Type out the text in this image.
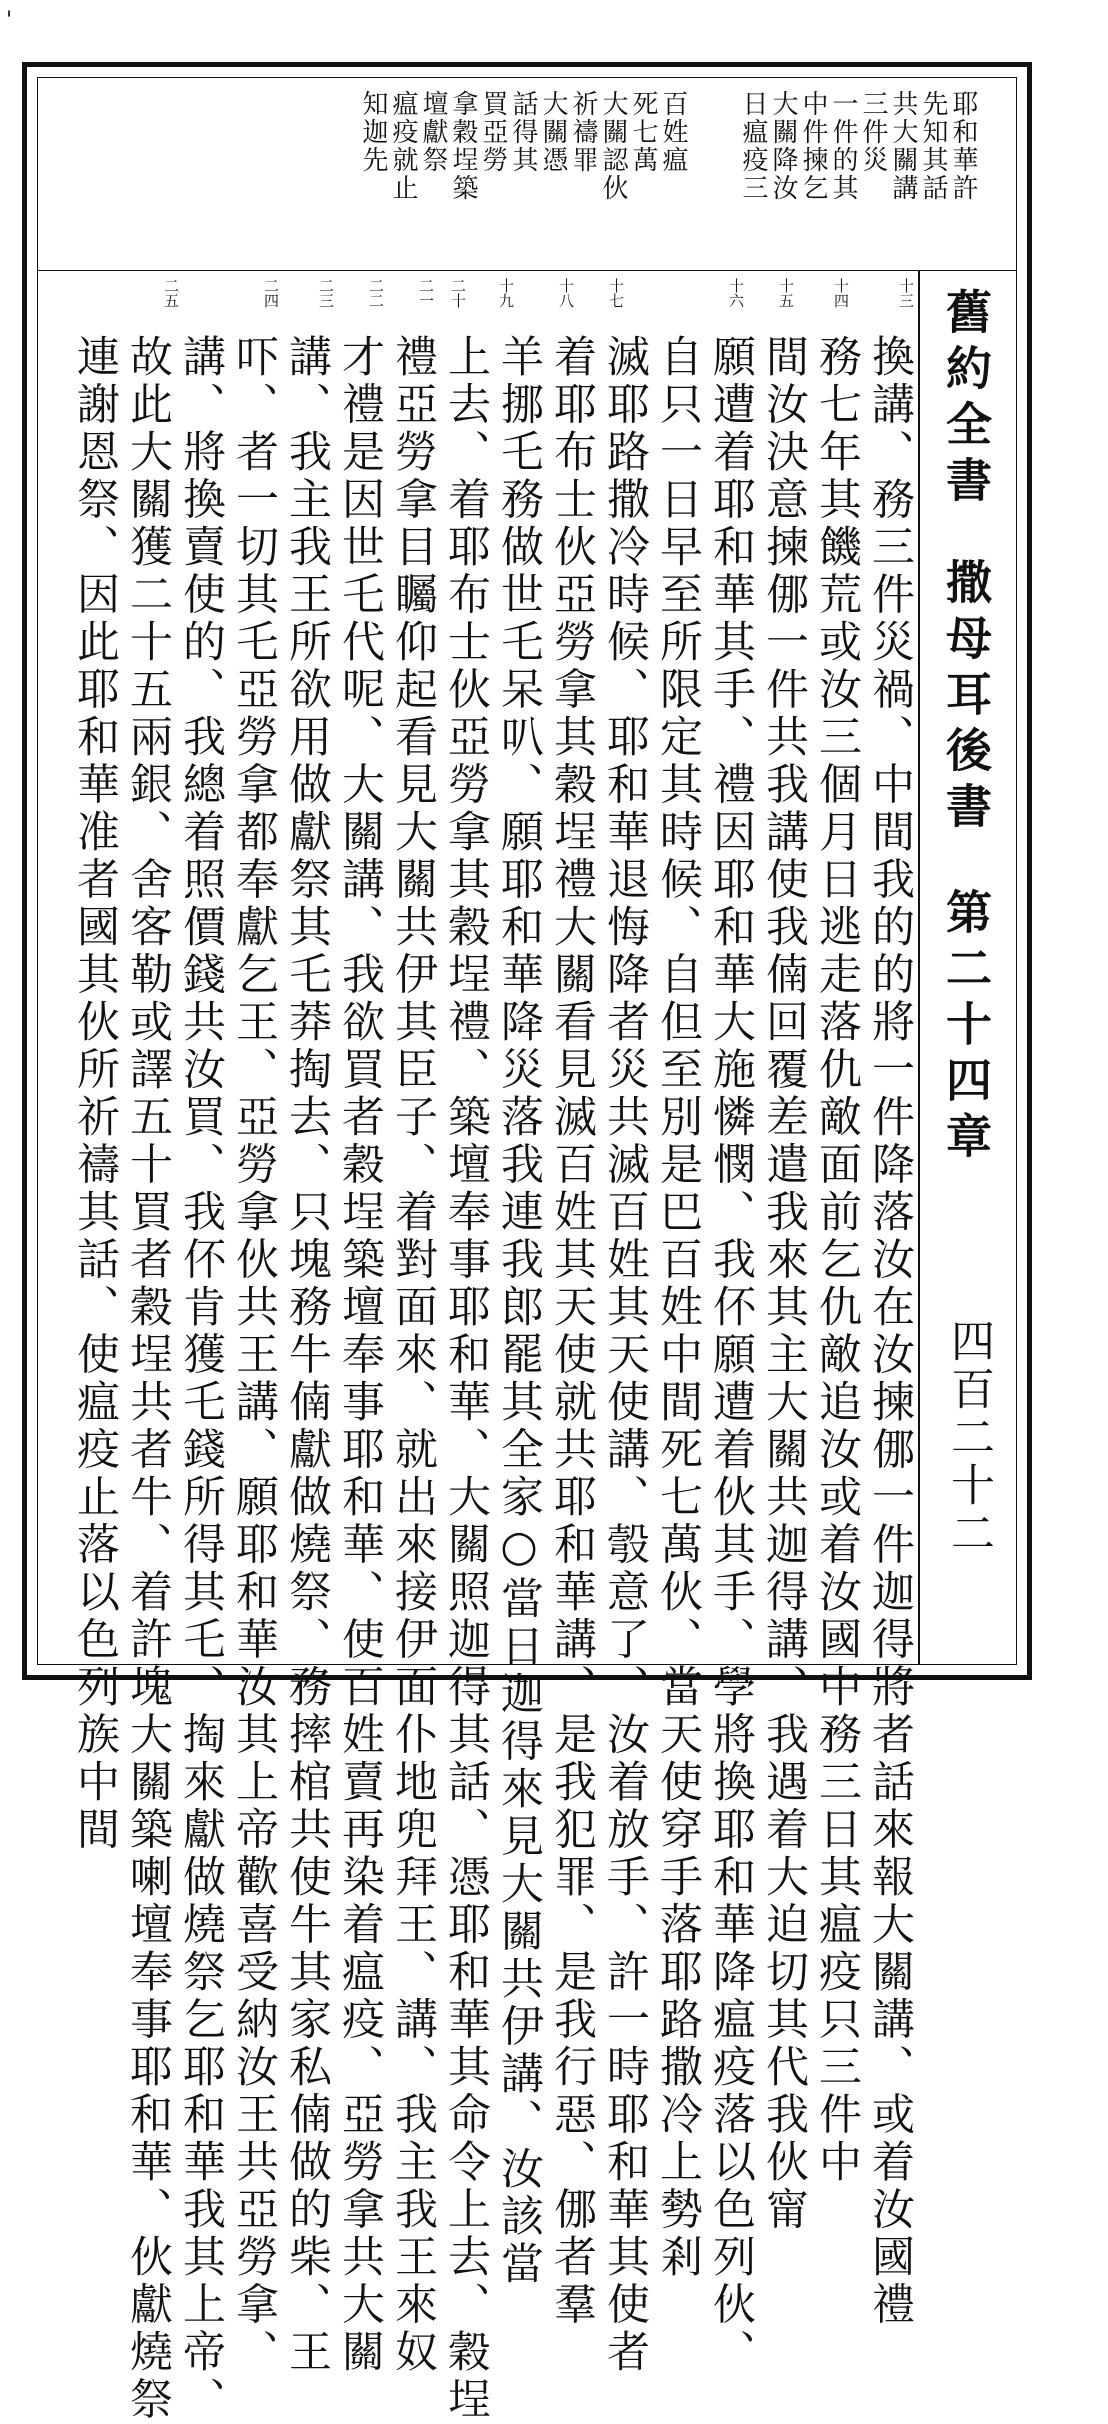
'
日瘟疫三 大關降汝 中件揀乞 一件的其 三件災 共大關講 先知其話 耶和華許
大關認伙 死七萬 百姓瘟
大關憑 祈禱罪
瘟疫就止 壇獻祭 拿穀埕築 買亞勞 話得其
知迦先
十三
十四
十五
十六
十七
十八
十九
二十
二一
二二
二三
二四
二五
換講、務三件災禍、中間我的的將一件降落汝在汝揀㑚一件迦得將者話來報大關講、或着汝國禮
務七年其饑荒或汝三個月日逃走落仇敵面前乞仇敵追汝或着汝國中務三日其瘟疫只三件中
間汝決意揀㑚一件共我講使我㑲回覆差遣我來其主大關共迦得講、我遇着大迫切其代我伙甯
願遭着耶和華其手、禮因耶和華大施憐憫、我伓願遭着伙其手、學將換耶和華降瘟疫落以色列伙、
自只一日早至所限定其時候、自但至別是巴百姓中間死七萬伙、當天使穿手落耶路撒冷上勢剎
滅耶路撒冷時候、耶和華退悔降者災共滅百姓其天使講、彀意了、汝着放手、許一時耶和華其使者
着耶布士伙亞勞拿其穀埕禮大關看見滅百姓其天使就共耶和華講、是我犯罪、是我行惡、㑚者羣
羊挪乇務做世乇呆叭、願耶和華降災落我連我郎罷其全家○當日迦得來見大關共伊講、汝該當
上去、着耶布士伙亞勞拿其穀埕禮、築壇奉事耶和華、大關照迦得其話、憑耶和華其命令上去、穀埕
禮亞勞拿目矚仰起看見大關共伊其臣子、着對面來、就出來接伊面仆地兜拜王、講、我主我王來奴
才禮是因世乇代呢、大關講、我欲買者穀埕築壇奉事耶和華、使百姓賣再染着瘟疫、亞勞拿共大關
講、我主我王所欲用做獻祭其乇莽掏去、只塊務牛㑲獻做燒祭、務摔棺共使牛其家私㑲做的柴、王
吓、者一切其乇亞勞拿都奉獻乞王、亞勞拿伙共王講、願耶和華汝其上帝歡喜受納汝王共亞勞拿、
講、將換賣使的、我總着照價錢共汝買、我伓肯獲乇錢所得其乇、掏來獻做燒祭乞耶和華我其上帝、
故此大關獲二十五兩銀、舍客勒或譯五十買者穀埕共者牛、着許塊大關築喇壇奉事耶和華、伙獻燒祭
連謝恩祭、因此耶和華准者國其伙所祈禱其話、使瘟疫止落以色列族中間	舊約全書
撒母耳後書
第二十四章
四百二十二
